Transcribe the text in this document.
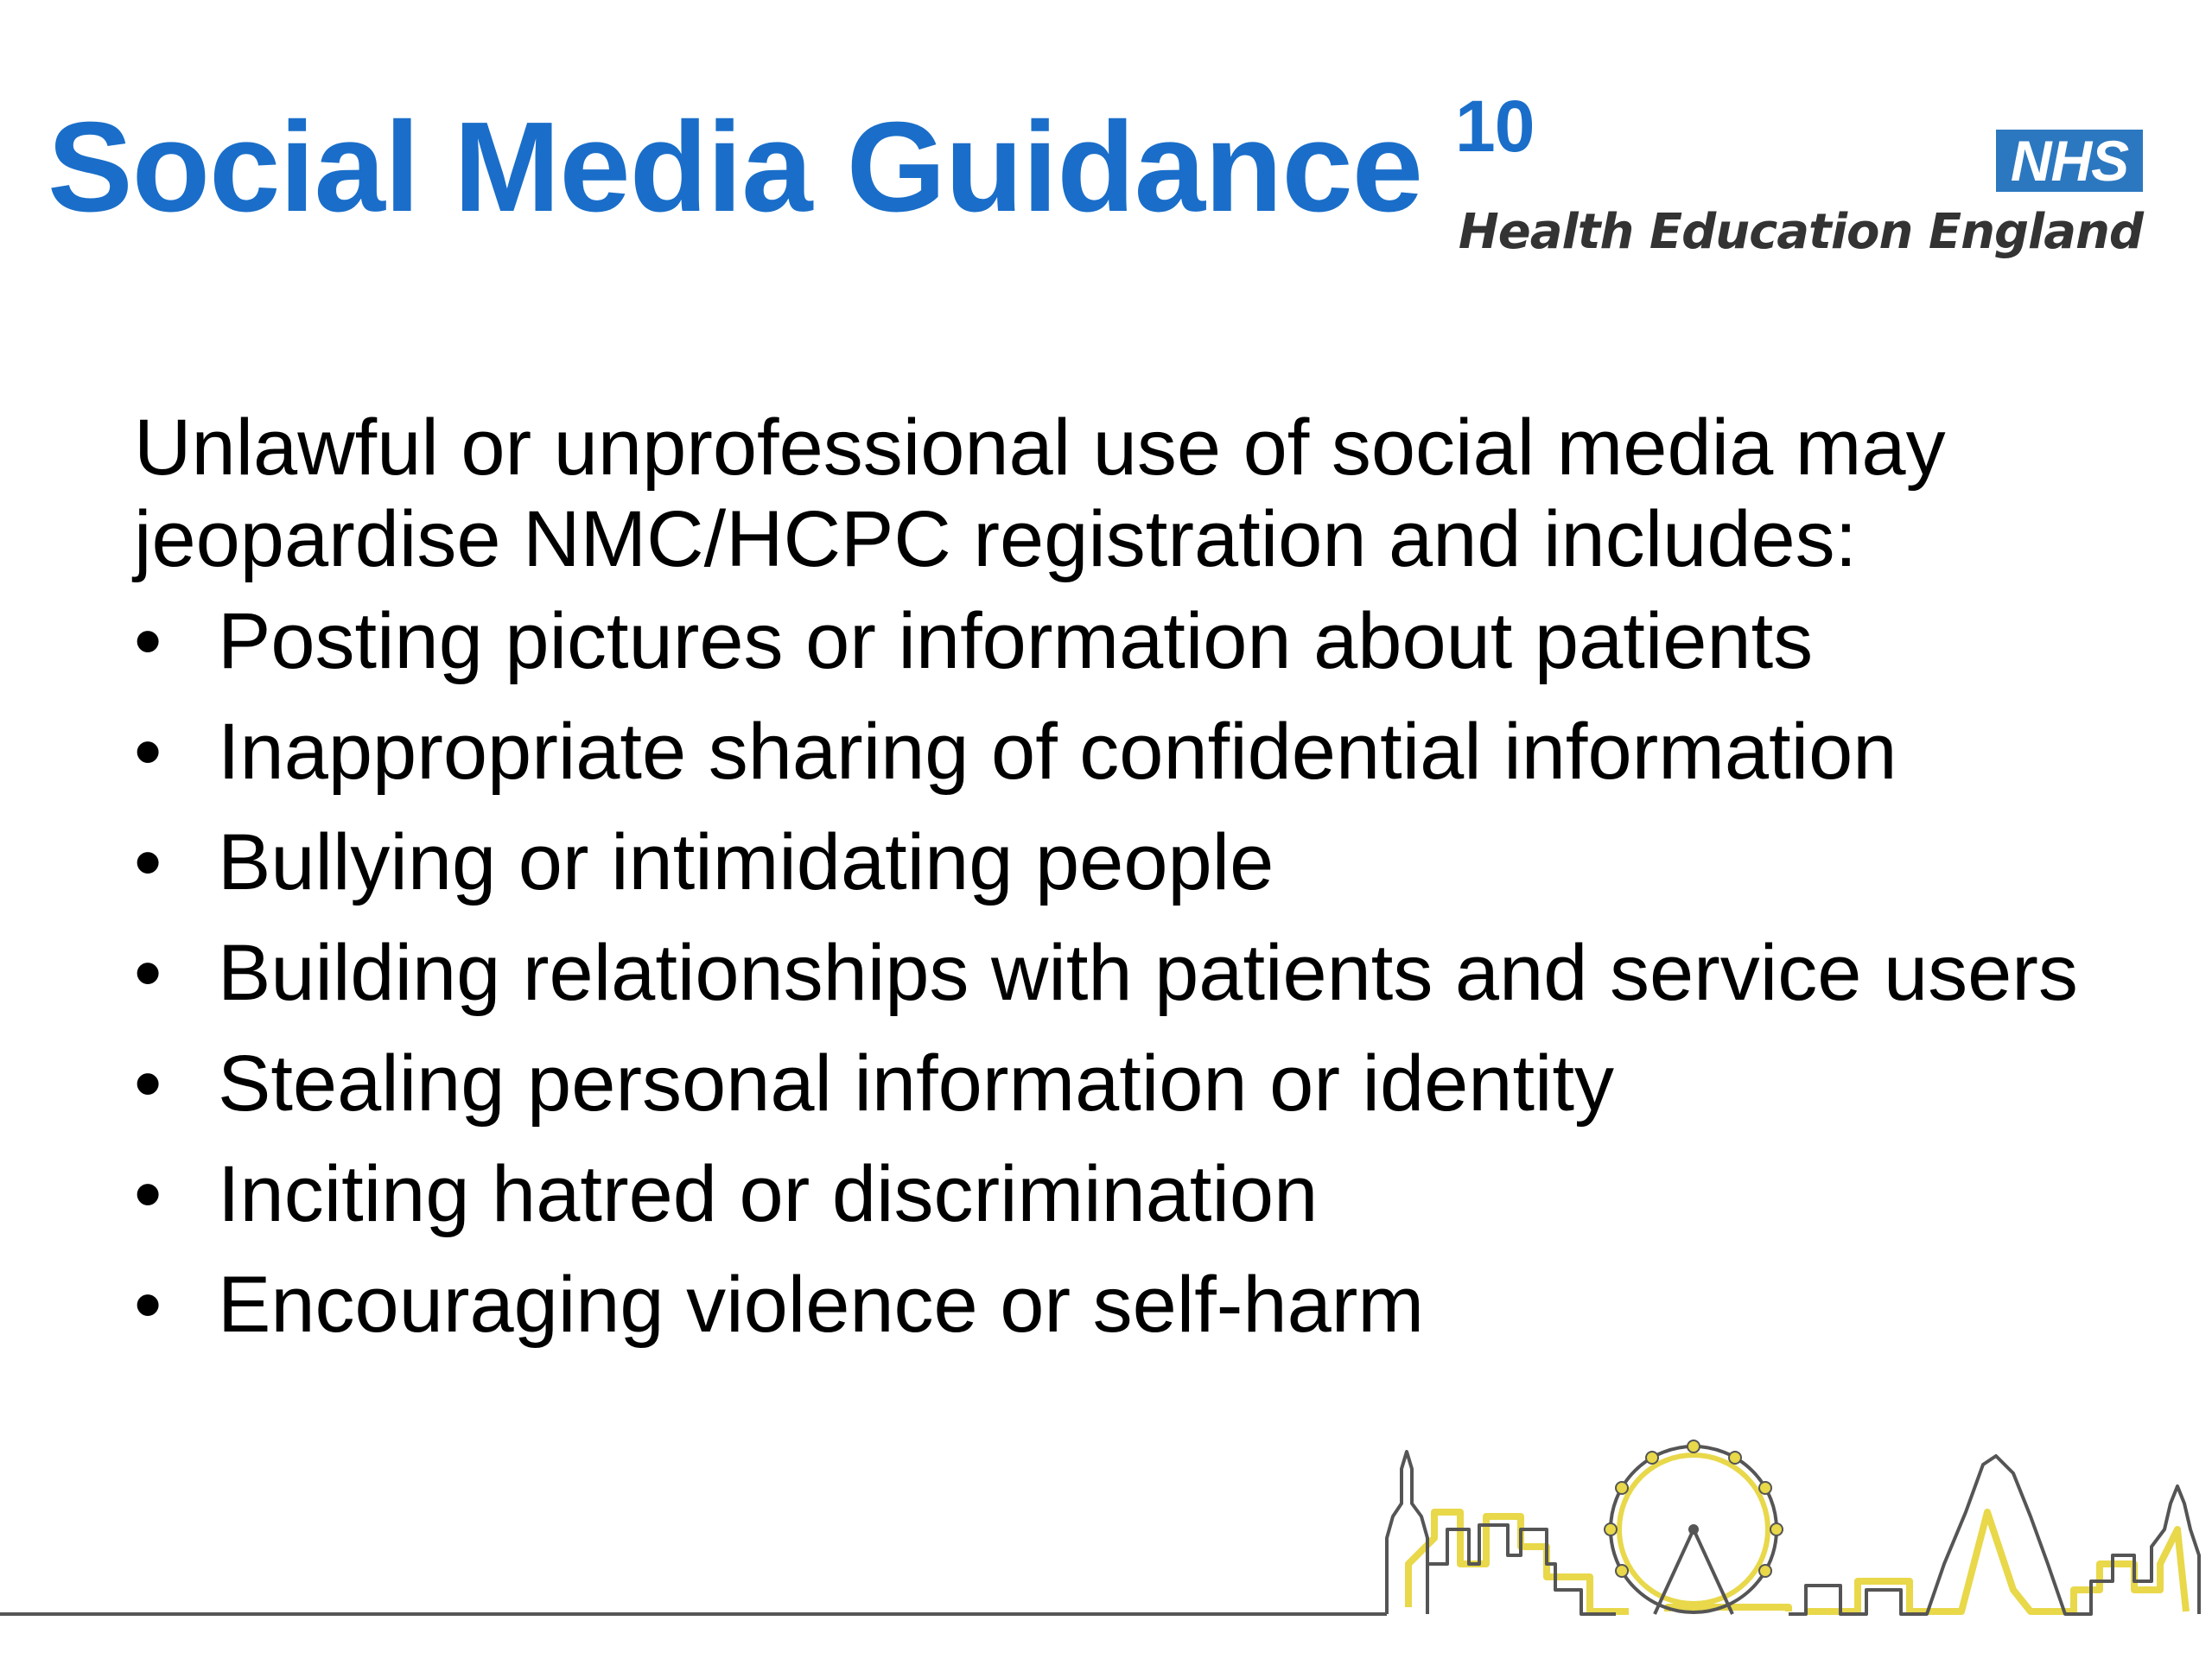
Social Media Guidance $^{10}$	NHS
Health Education England

Unlawful or unprofessional use of social media may jeopardise NMC/HCPC registration and includes:

• Posting pictures or information about patients
• Inappropriate sharing of confidential information
• Bullying or intimidating people
• Building relationships with patients and service users
• Stealing personal information or identity
• Inciting hatred or discrimination
• Encouraging violence or self-harm
